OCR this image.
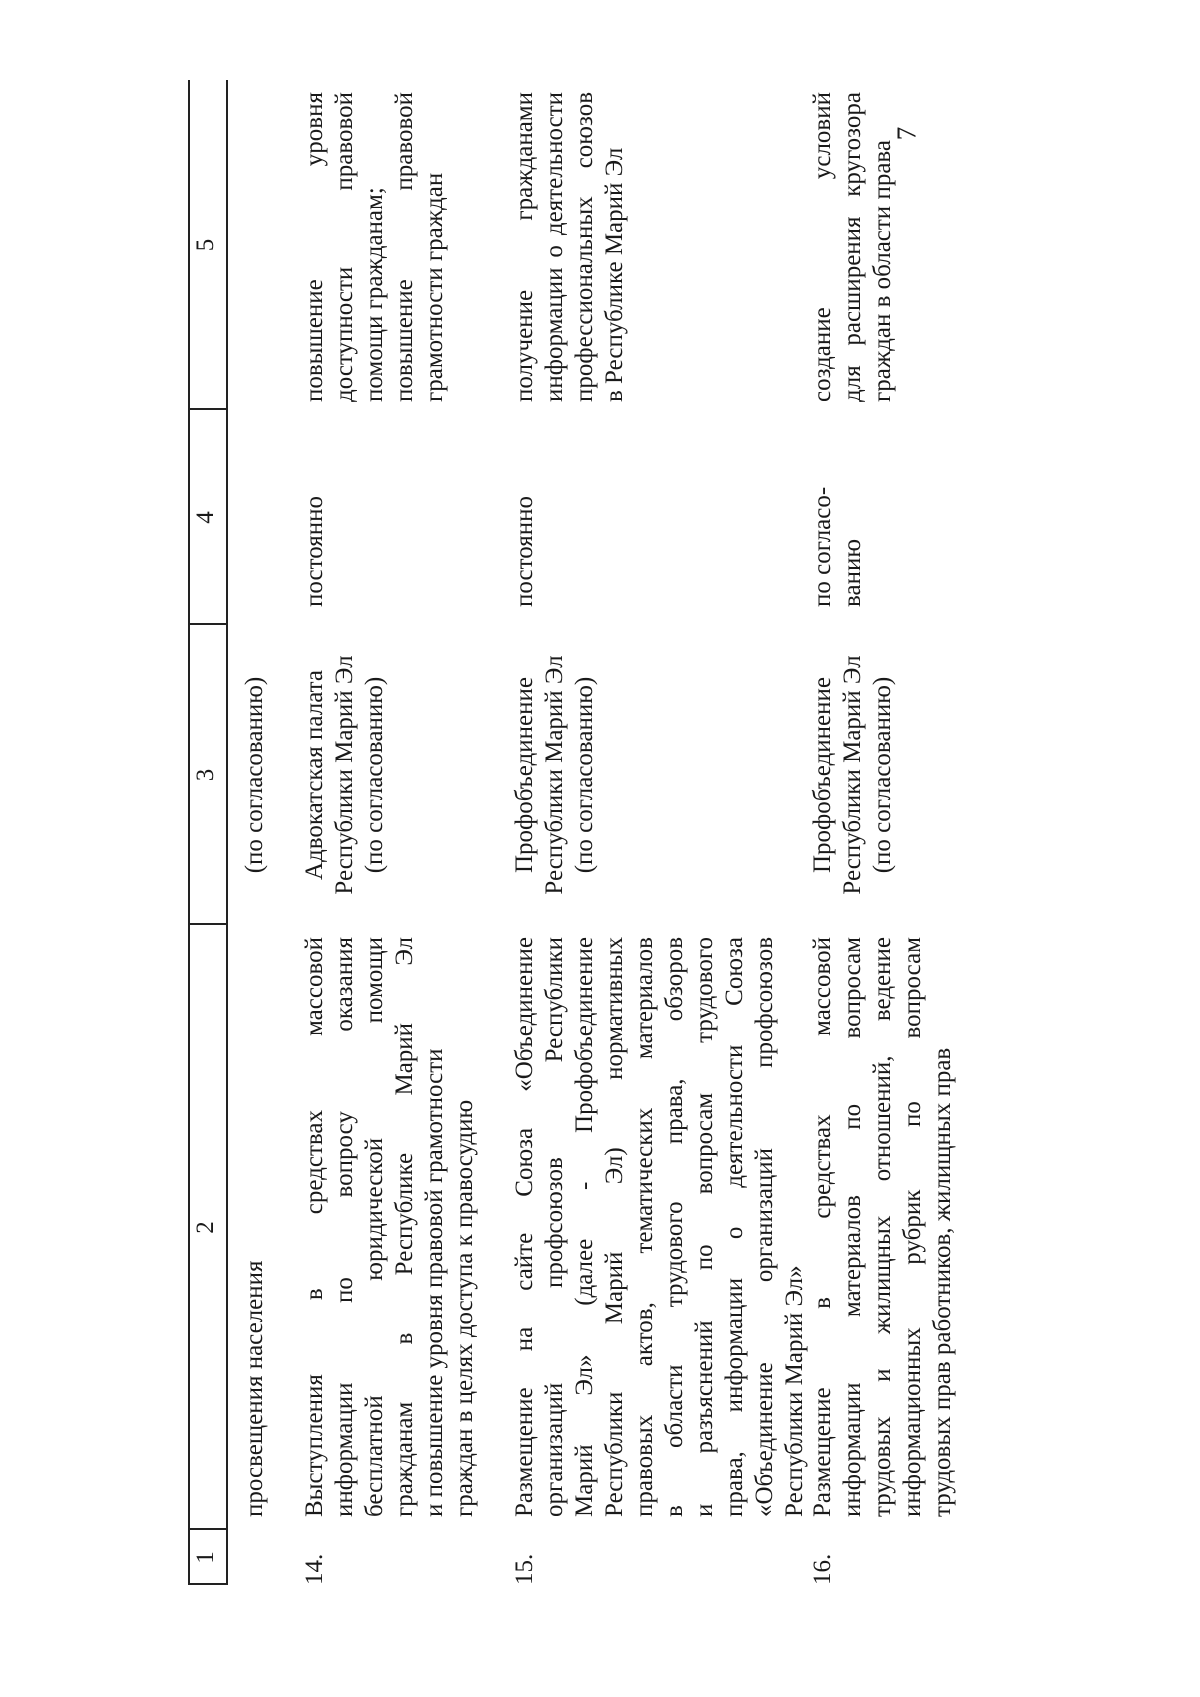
7
1
2
3
4
5
просвещения населения
(по согласованию)
14.
Выступления в средствах массовой информации по вопросу оказания бесплатной юридической помощи гражданам в Республике Марий Эл и повышение уровня правовой грамотности граждан в целях доступа к правосудию
Адвокатская палата Республики Марий Эл (по согласованию)
постоянно
повышение уровня доступности правовой помощи гражданам; повышение правовой грамотности граждан
15.
Размещение на сайте Союза «Объединение организаций профсоюзов Республики Марий Эл» (далее - Профобъединение Республики Марий Эл) нормативных правовых актов, тематических материалов в области трудового права, обзоров и разъяснений по вопросам трудового права, информации о деятельности Союза «Объединение организаций профсоюзов Республики Марий Эл»
Профобъединение Республики Марий Эл (по согласованию)
постоянно
получение гражданами информации о деятельности профессиональных союзов в Республике Марий Эл
16.
Размещение в средствах массовой информации материалов по вопросам трудовых и жилищных отношений, ведение информационных рубрик по вопросам трудовых прав работников, жилищных прав
Профобъединение Республики Марий Эл (по согласованию)
по согласо- ванию
создание условий для расширения кругозора граждан в области права
